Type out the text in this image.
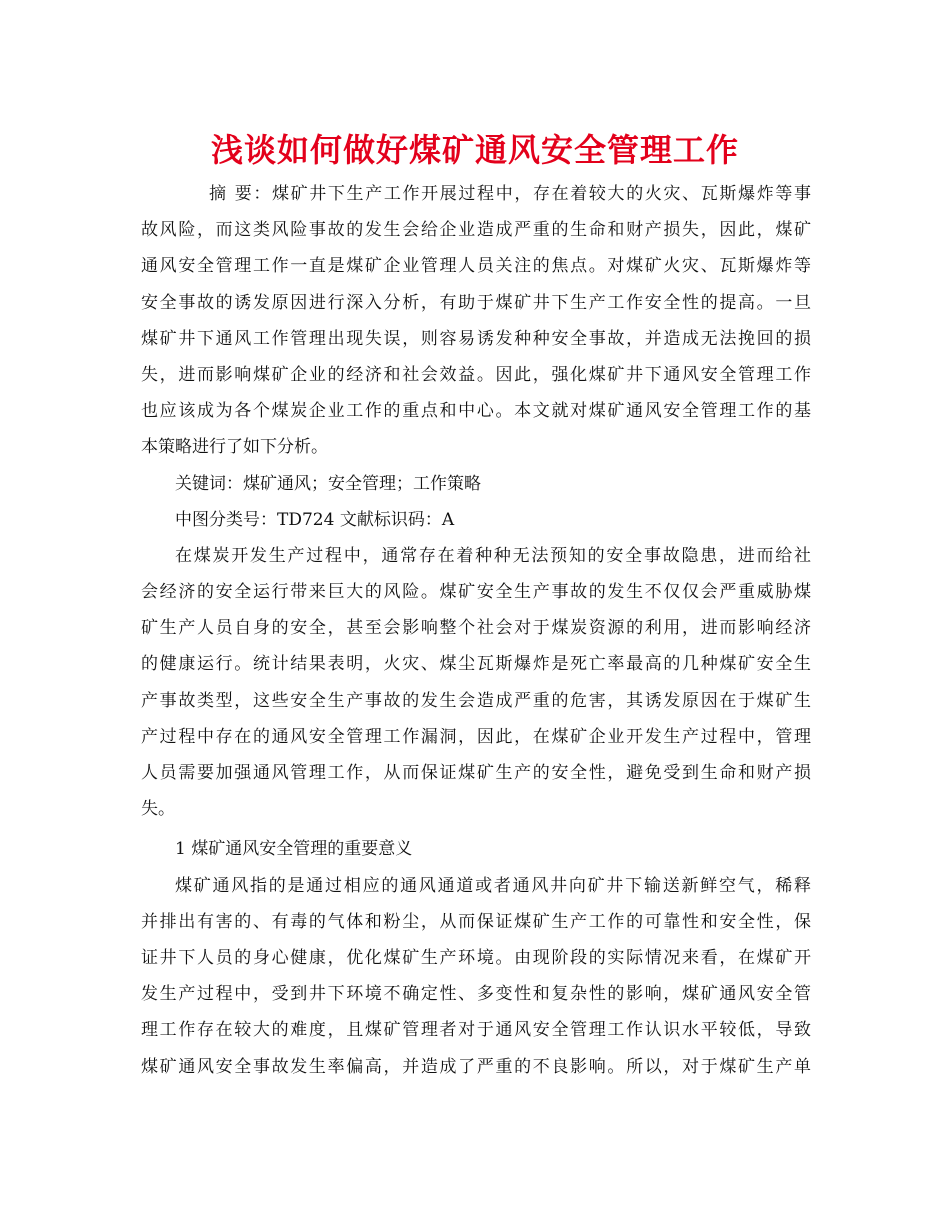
浅谈如何做好煤矿通风安全管理工作
摘 要：煤矿井下生产工作开展过程中，存在着较大的火灾、瓦斯爆炸等事
故风险，而这类风险事故的发生会给企业造成严重的生命和财产损失，因此，煤矿
通风安全管理工作一直是煤矿企业管理人员关注的焦点。对煤矿火灾、瓦斯爆炸等
安全事故的诱发原因进行深入分析，有助于煤矿井下生产工作安全性的提高。一旦
煤矿井下通风工作管理出现失误，则容易诱发种种安全事故，并造成无法挽回的损
失，进而影响煤矿企业的经济和社会效益。因此，强化煤矿井下通风安全管理工作
也应该成为各个煤炭企业工作的重点和中心。本文就对煤矿通风安全管理工作的基
本策略进行了如下分析。
关键词：煤矿通风；安全管理；工作策略
中图分类号：TD724 文献标识码：A
在煤炭开发生产过程中，通常存在着种种无法预知的安全事故隐患，进而给社
会经济的安全运行带来巨大的风险。煤矿安全生产事故的发生不仅仅会严重威胁煤
矿生产人员自身的安全，甚至会影响整个社会对于煤炭资源的利用，进而影响经济
的健康运行。统计结果表明，火灾、煤尘瓦斯爆炸是死亡率最高的几种煤矿安全生
产事故类型，这些安全生产事故的发生会造成严重的危害，其诱发原因在于煤矿生
产过程中存在的通风安全管理工作漏洞，因此，在煤矿企业开发生产过程中，管理
人员需要加强通风管理工作，从而保证煤矿生产的安全性，避免受到生命和财产损
失。
1 煤矿通风安全管理的重要意义
煤矿通风指的是通过相应的通风通道或者通风井向矿井下输送新鲜空气，稀释
并排出有害的、有毒的气体和粉尘，从而保证煤矿生产工作的可靠性和安全性，保
证井下人员的身心健康，优化煤矿生产环境。由现阶段的实际情况来看，在煤矿开
发生产过程中，受到井下环境不确定性、多变性和复杂性的影响，煤矿通风安全管
理工作存在较大的难度，且煤矿管理者对于通风安全管理工作认识水平较低，导致
煤矿通风安全事故发生率偏高，并造成了严重的不良影响。所以，对于煤矿生产单
